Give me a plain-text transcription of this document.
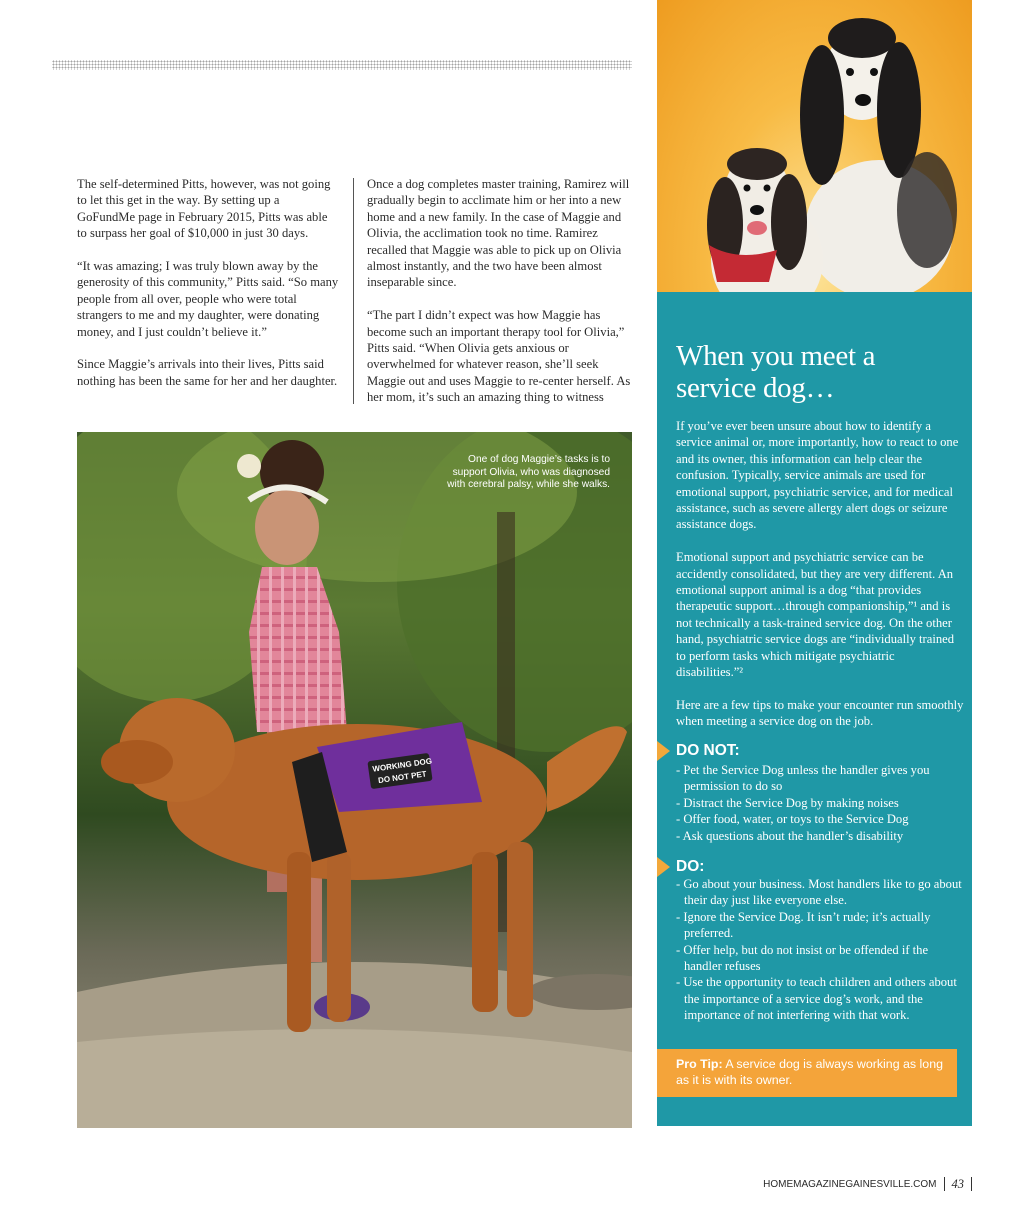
The self-determined Pitts, however, was not going to let this get in the way. By setting up a GoFundMe page in February 2015, Pitts was able to surpass her goal of $10,000 in just 30 days.

“It was amazing; I was truly blown away by the generosity of this community,” Pitts said. “So many people from all over, people who were total strangers to me and my daughter, were donating money, and I just couldn’t believe it.”

Since Maggie’s arrivals into their lives, Pitts said nothing has been the same for her and her daughter.

Once a dog completes master training, Ramirez will gradually begin to acclimate him or her into a new home and a new family. In the case of Maggie and Olivia, the acclimation took no time. Ramirez recalled that Maggie was able to pick up on Olivia almost instantly, and the two have been almost inseparable since.

“The part I didn’t expect was how Maggie has become such an important therapy tool for Olivia,” Pitts said. “When Olivia gets anxious or overwhelmed for whatever reason, she’ll seek Maggie out and uses Maggie to re-center herself. As her mom, it’s such an amazing thing to witness

WORKING DOG
DO NOT PET
One of dog Maggie’s tasks is to support Olivia, who was diagnosed with cerebral palsy, while she walks.
When you meet a service dog…

If you’ve ever been unsure about how to identify a service animal or, more importantly, how to react to one and its owner, this information can help clear the confusion. Typically, service animals are used for emotional support, psychiatric service, and for medical assistance, such as severe allergy alert dogs or seizure assistance dogs.

Emotional support and psychiatric service can be accidently consolidated, but they are very different. An emotional support animal is a dog “that provides therapeutic support…through companionship,”¹ and is not technically a task-trained service dog. On the other hand, psychiatric service dogs are “individually trained to perform tasks which mitigate psychiatric disabilities.”²

Here are a few tips to make your encounter run smoothly when meeting a service dog on the job.

DO NOT:
- Pet the Service Dog unless the handler gives you permission to do so
- Distract the Service Dog by making noises
- Offer food, water, or toys to the Service Dog
- Ask questions about the handler’s disability
DO:
- Go about your business. Most handlers like to go about their day just like everyone else.
- Ignore the Service Dog. It isn’t rude; it’s actually preferred.
- Offer help, but do not insist or be offended if the handler refuses
- Use the opportunity to teach children and others about the importance of a service dog’s work, and the importance of not interfering with that work.
Pro Tip: A service dog is always working as long as it is with its owner.
HOMEMAGAZINEGAINESVILLE.COM 43
